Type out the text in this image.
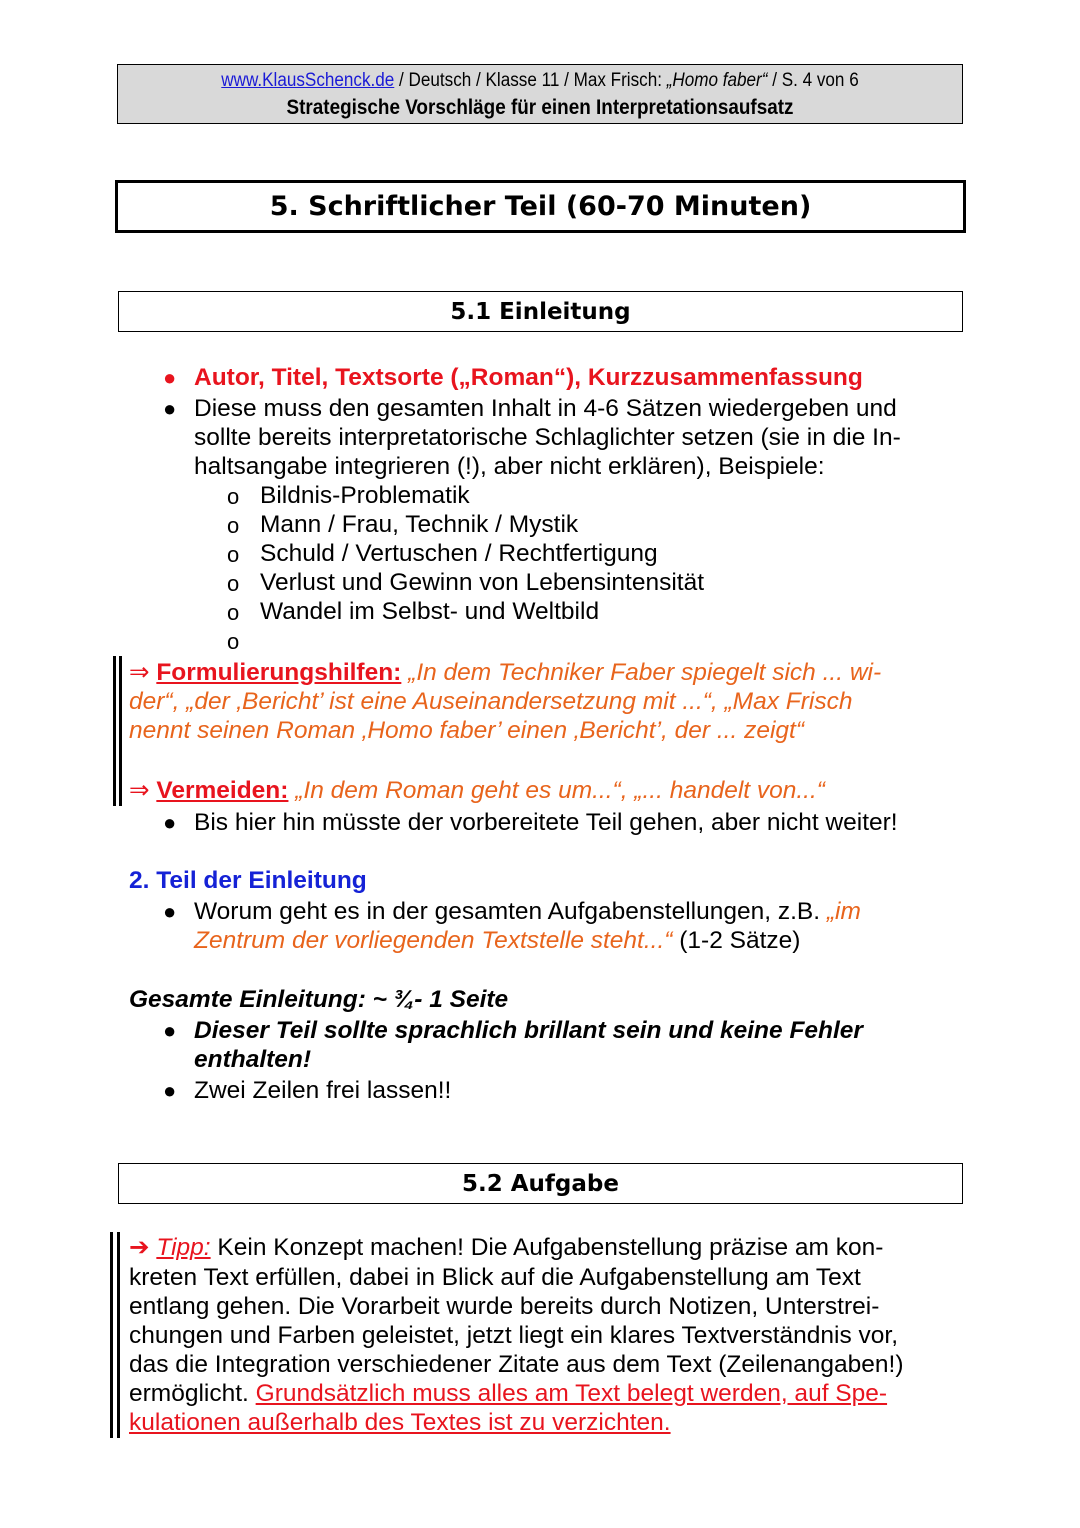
www.KlausSchenck.de / Deutsch / Klasse 11 / Max Frisch: „Homo faber“ / S. 4 von 6
Strategische Vorschläge für einen Interpretationsaufsatz
5. Schriftlicher Teil (60-70 Minuten)
5.1 Einleitung
● Autor, Titel, Textsorte („Roman“), Kurzzusammenfassung
● Diese muss den gesamten Inhalt in 4-6 Sätzen wiedergeben und
sollte bereits interpretatorische Schlaglichter setzen (sie in die In-
haltsangabe integrieren (!), aber nicht erklären), Beispiele:
o Bildnis-Problematik
o Mann / Frau, Technik / Mystik
o Schuld / Vertuschen / Rechtfertigung
o Verlust und Gewinn von Lebensintensität
o Wandel im Selbst- und Weltbild
o
⇒ Formulierungshilfen: „In dem Techniker Faber spiegelt sich ... wi-
der“, „der ‚Bericht’ ist eine Auseinandersetzung mit ...“, „Max Frisch
nennt seinen Roman ‚Homo faber’ einen ‚Bericht’, der ... zeigt“
⇒ Vermeiden: „In dem Roman geht es um...“, „... handelt von...“
● Bis hier hin müsste der vorbereitete Teil gehen, aber nicht weiter!
2. Teil der Einleitung
● Worum geht es in der gesamten Aufgabenstellungen, z.B. „im
Zentrum der vorliegenden Textstelle steht...“ (1-2 Sätze)
Gesamte Einleitung: ~ ¾- 1 Seite
● Dieser Teil sollte sprachlich brillant sein und keine Fehler
enthalten!
● Zwei Zeilen frei lassen!!
5.2 Aufgabe
➔ Tipp: Kein Konzept machen! Die Aufgabenstellung präzise am kon-
kreten Text erfüllen, dabei in Blick auf die Aufgabenstellung am Text
entlang gehen. Die Vorarbeit wurde bereits durch Notizen, Unterstrei-
chungen und Farben geleistet, jetzt liegt ein klares Textverständnis vor,
das die Integration verschiedener Zitate aus dem Text (Zeilenangaben!)
ermöglicht. Grundsätzlich muss alles am Text belegt werden, auf Spe-
kulationen außerhalb des Textes ist zu verzichten.
